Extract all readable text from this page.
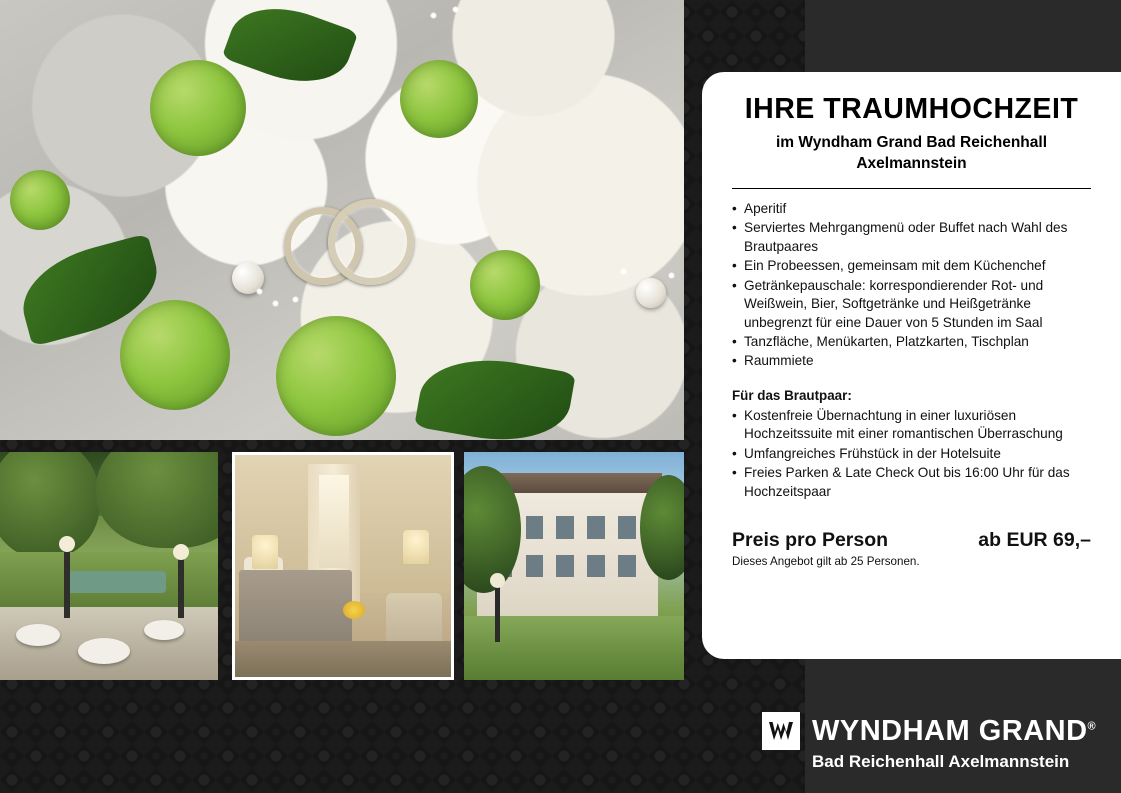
IHRE TRAUMHOCHZEIT
im Wyndham Grand Bad Reichenhall Axelmannstein
• Aperitif
• Serviertes Mehrgangmenü oder Buffet nach Wahl des Brautpaares
• Ein Probeessen, gemeinsam mit dem Küchenchef
• Getränkepauschale: korrespondierender Rot- und Weißwein, Bier, Softgetränke und Heißgetränke unbegrenzt für eine Dauer von 5 Stunden im Saal
• Tanzfläche, Menükarten, Platzkarten, Tischplan
• Raummiete
Für das Brautpaar:
• Kostenfreie Übernachtung in einer luxuriösen Hochzeitssuite mit einer romantischen Überraschung
• Umfangreiches Frühstück in der Hotelsuite
• Freies Parken & Late Check Out bis 16:00 Uhr für das Hochzeitspaar
Preis pro Person	ab EUR 69,–
Dieses Angebot gilt ab 25 Personen.
WYNDHAM GRAND®
Bad Reichenhall Axelmannstein
